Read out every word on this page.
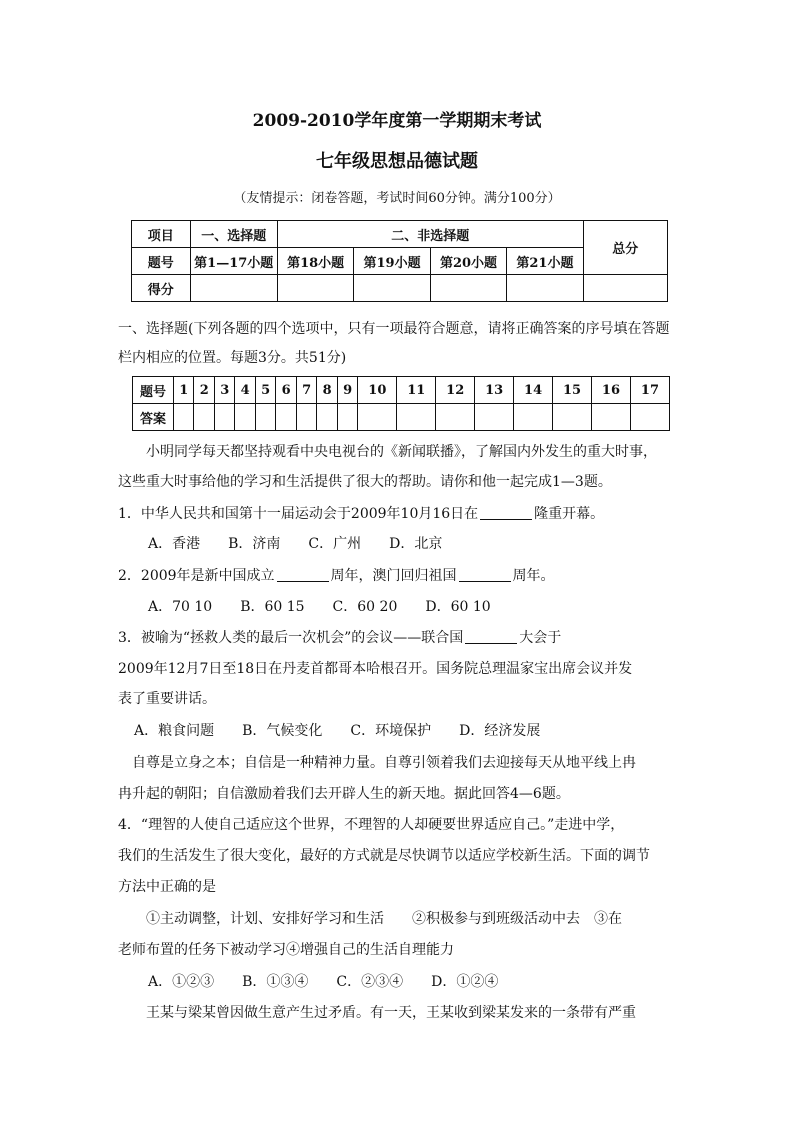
2009-2010学年度第一学期期末考试
七年级思想品德试题
（友情提示：闭卷答题，考试时间60分钟。满分100分）
项目	一、选择题	二、非选择题				总分
题号	第1—17小题	第18小题	第19小题	第20小题	第21小题	
得分						
一、选择题(下列各题的四个选项中，只有一项最符合题意，请将正确答案的序号填在答题
栏内相应的位置。每题3分。共51分)
题号	1	2	3	4	5	6	7	8	9	10	11	12	13	14	15	16	17
答案																	
小明同学每天都坚持观看中央电视台的《新闻联播》，了解国内外发生的重大时事，
这些重大时事给他的学习和生活提供了很大的帮助。请你和他一起完成1—3题。
1．中华人民共和国第十一届运动会于2009年10月16日在	隆重开幕。
A．香港　　B．济南　　C．广州　　D．北京
2．2009年是新中国成立	周年，澳门回归祖国	周年。
A．70 10　　B．60 15　　C．60 20　　D．60 10
3．被喻为“拯救人类的最后一次机会”的会议——联合国	大会于
2009年12月7日至18日在丹麦首都哥本哈根召开。国务院总理温家宝出席会议并发
表了重要讲话。
A．粮食问题　　B．气候变化　　C．环境保护　　D．经济发展
自尊是立身之本；自信是一种精神力量。自尊引领着我们去迎接每天从地平线上冉
冉升起的朝阳；自信激励着我们去开辟人生的新天地。据此回答4—6题。
4．“理智的人使自己适应这个世界，不理智的人却硬要世界适应自己。”走进中学，
我们的生活发生了很大变化，最好的方式就是尽快调节以适应学校新生活。下面的调节
方法中正确的是
①主动调整，计划、安排好学习和生活　　②积极参与到班级活动中去　③在
老师布置的任务下被动学习④增强自己的生活自理能力
A．①②③　　B．①③④　　C．②③④　　D．①②④
王某与梁某曾因做生意产生过矛盾。有一天，王某收到梁某发来的一条带有严重
